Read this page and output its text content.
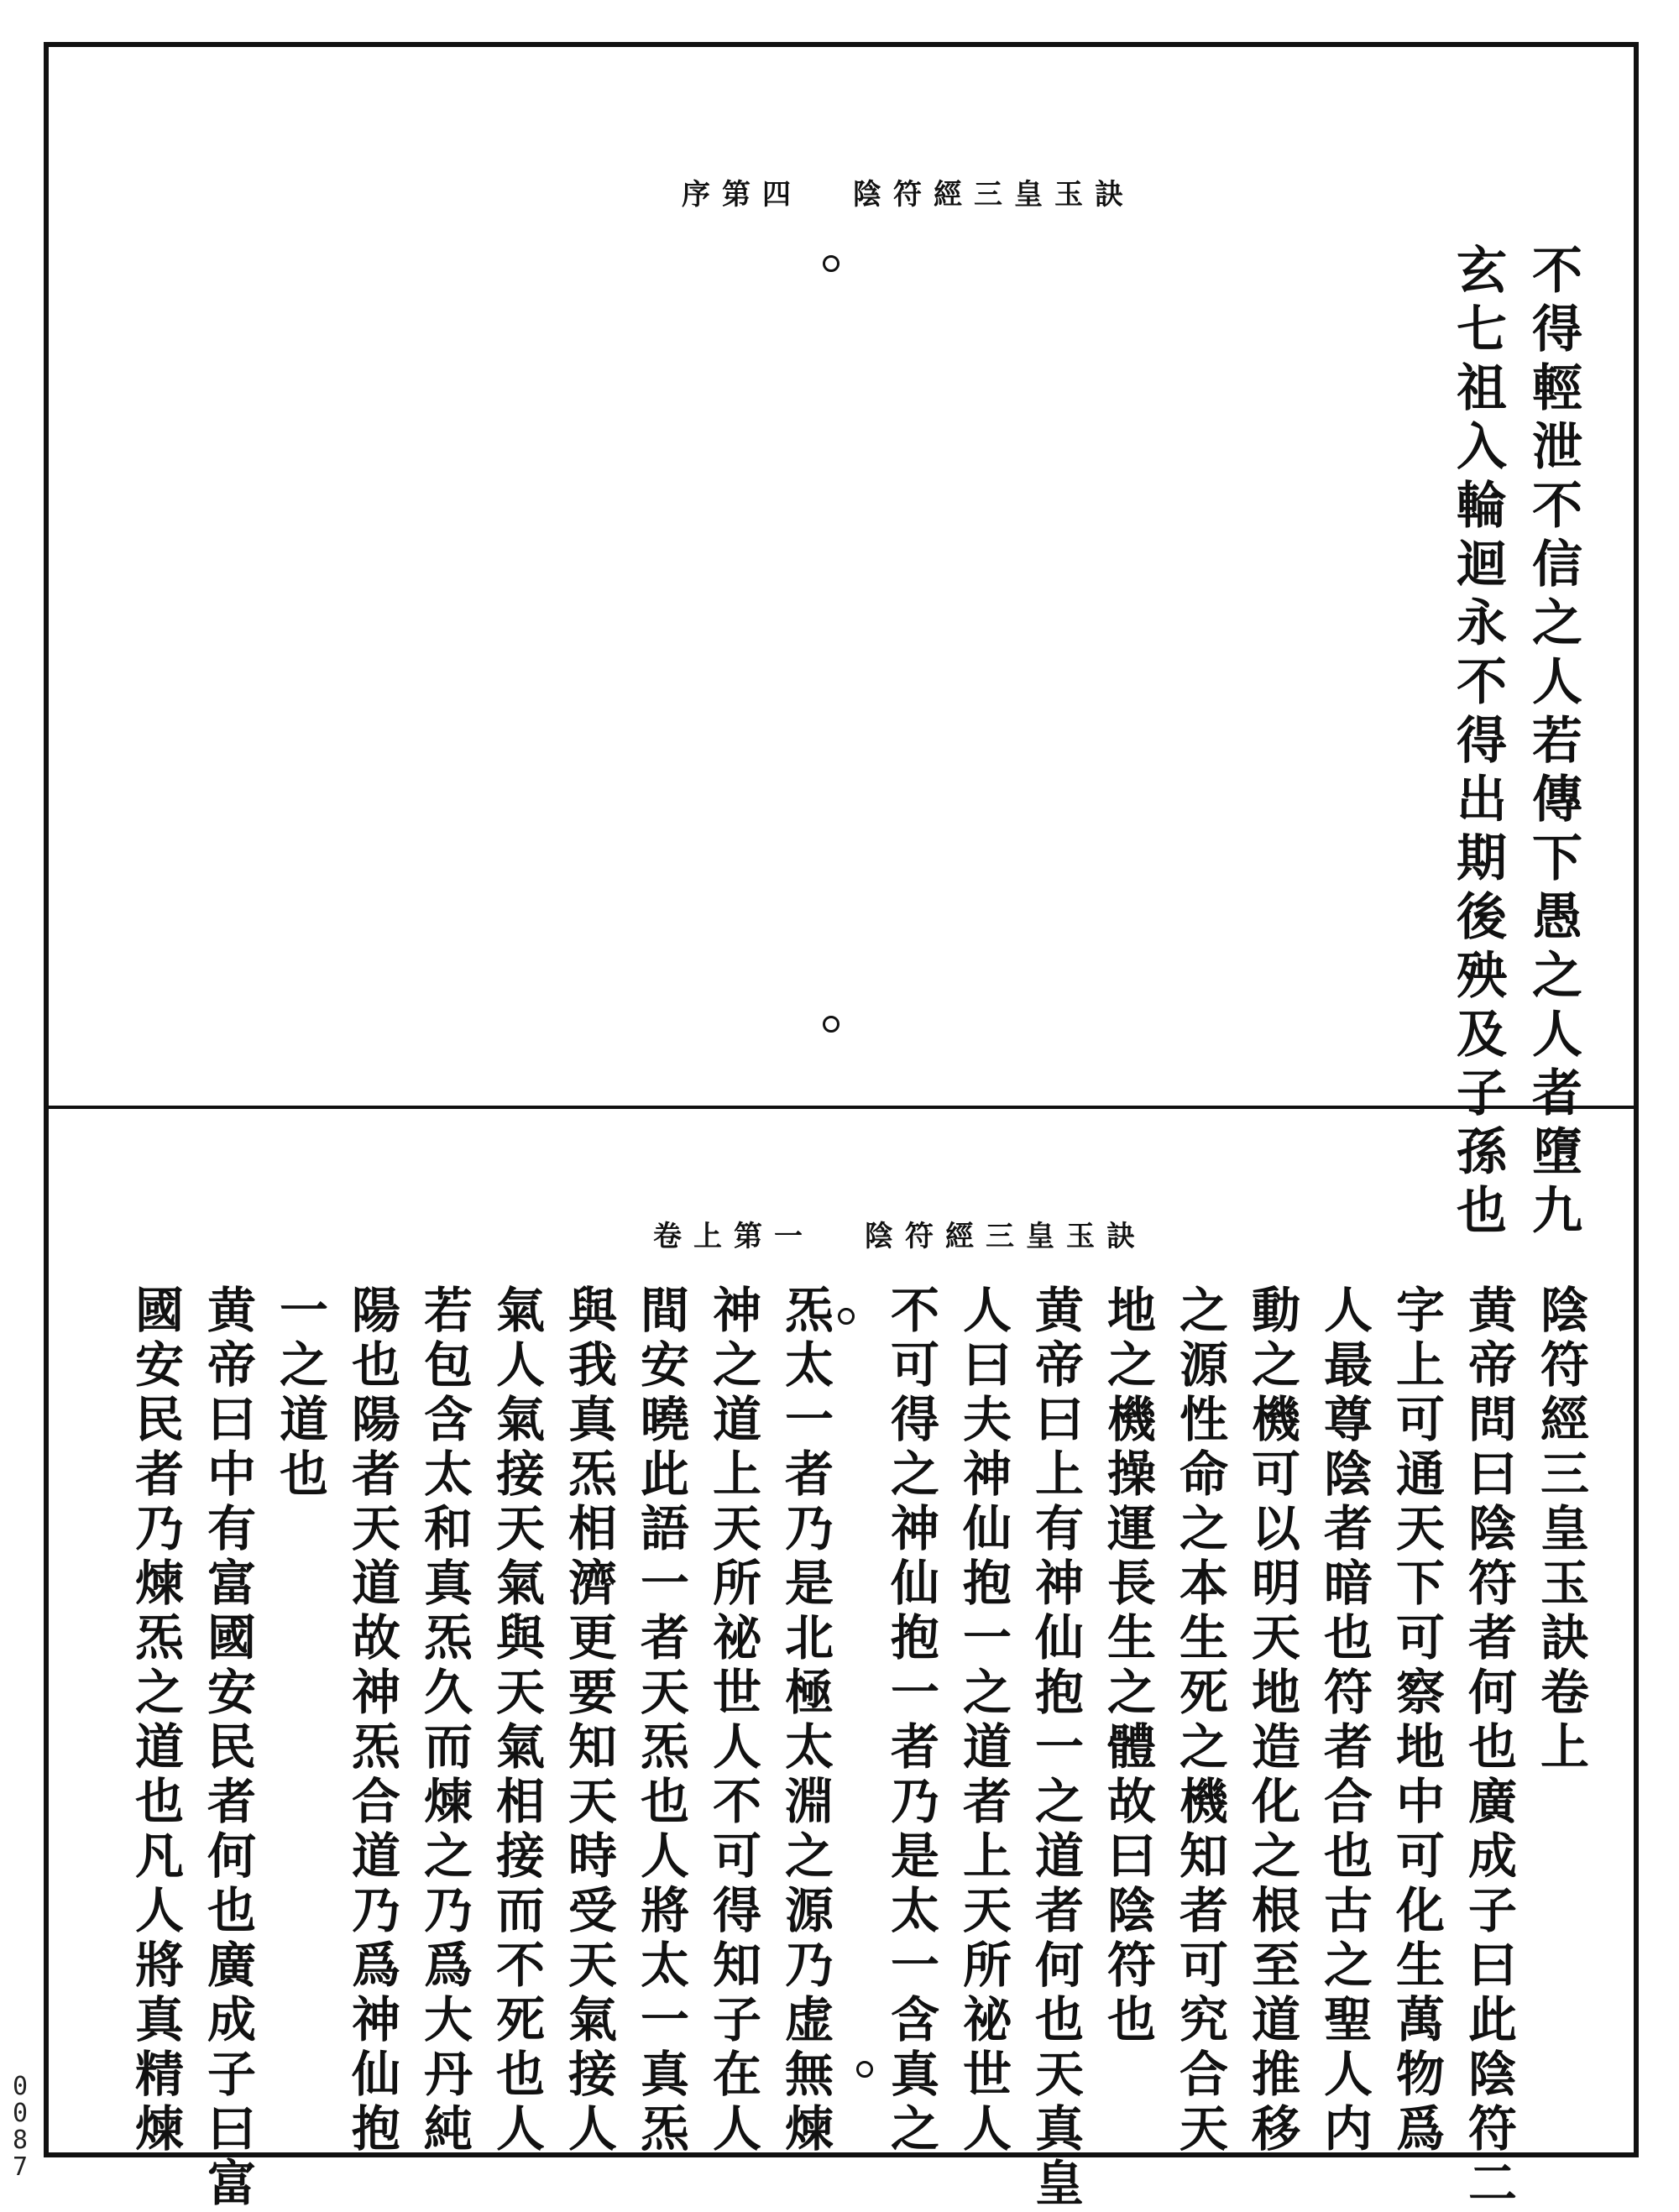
序第四 陰符經三皇玉訣
不得輕泄不信之人若傳下愚之人者墮九
玄七祖入輪迴永不得出期後殃及子孫也
卷上第一 陰符經三皇玉訣
陰符經三皇玉訣卷上
黄帝問曰陰符者何也廣成子曰此陰符二
字上可通天下可察地中可化生萬物爲
人最尊陰者暗也符者合也古之聖人内
動之機可以明天地造化之根至道推移
之源性命之本生死之機知者可究合天
地之機操運長生之體故曰陰符也
黄帝曰上有神仙抱一之道者何也天真皇
人曰夫神仙抱一之道者上天所祕世人
不可得之神仙抱一者乃是太一含真之
炁太一者乃是北極太淵之源乃虚無煉
神之道上天所祕世人不可得知子在人
間安曉此語一者天炁也人將太一真炁
與我真炁相濟更要知天時受天氣接人
氣人氣接天氣與天氣相接而不死也人
若包含太和真炁久而煉之乃爲大丹純
陽也陽者天道故神炁合道乃爲神仙抱
一之道也
黄帝曰中有富國安民者何也廣成子曰富
國安民者乃煉炁之道也凡人將真精煉
0
0
8
7
